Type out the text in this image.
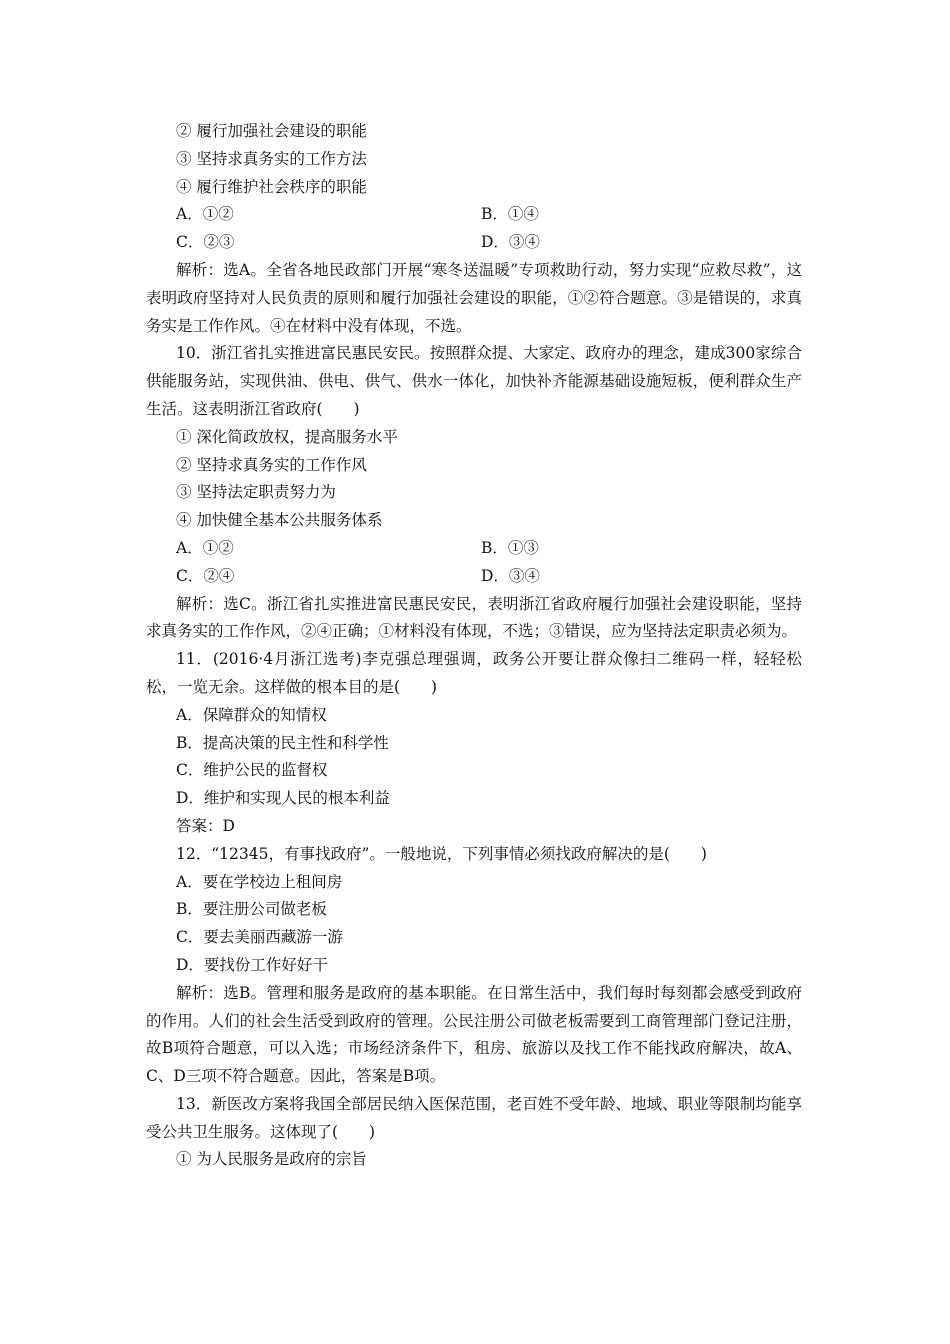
② 履行加强社会建设的职能
③ 坚持求真务实的工作方法
④ 履行维护社会秩序的职能
A．①②	B．①④
C．②③	D．③④
解析：选A。全省各地民政部门开展“寒冬送温暖”专项救助行动，努力实现“应救尽救”，这表明政府坚持对人民负责的原则和履行加强社会建设的职能，①②符合题意。③是错误的，求真务实是工作作风。④在材料中没有体现，不选。
10．浙江省扎实推进富民惠民安民。按照群众提、大家定、政府办的理念，建成300家综合供能服务站，实现供油、供电、供气、供水一体化，加快补齐能源基础设施短板，便利群众生产生活。这表明浙江省政府(　　)
① 深化简政放权，提高服务水平
② 坚持求真务实的工作作风
③ 坚持法定职责努力为
④ 加快健全基本公共服务体系
A．①②	B．①③
C．②④	D．③④
解析：选C。浙江省扎实推进富民惠民安民，表明浙江省政府履行加强社会建设职能，坚持求真务实的工作作风，②④正确；①材料没有体现，不选；③错误，应为坚持法定职责必须为。
11．(2016·4月浙江选考)李克强总理强调，政务公开要让群众像扫二维码一样，轻轻松松，一览无余。这样做的根本目的是(　　)
A．保障群众的知情权
B．提高决策的民主性和科学性
C．维护公民的监督权
D．维护和实现人民的根本利益
答案：D
12．“12345，有事找政府”。一般地说，下列事情必须找政府解决的是(　　)
A．要在学校边上租间房
B．要注册公司做老板
C．要去美丽西藏游一游
D．要找份工作好好干
解析：选B。管理和服务是政府的基本职能。在日常生活中，我们每时每刻都会感受到政府的作用。人们的社会生活受到政府的管理。公民注册公司做老板需要到工商管理部门登记注册，故B项符合题意，可以入选；市场经济条件下，租房、旅游以及找工作不能找政府解决，故A、C、D三项不符合题意。因此，答案是B项。
13．新医改方案将我国全部居民纳入医保范围，老百姓不受年龄、地域、职业等限制均能享受公共卫生服务。这体现了(　　)
① 为人民服务是政府的宗旨
